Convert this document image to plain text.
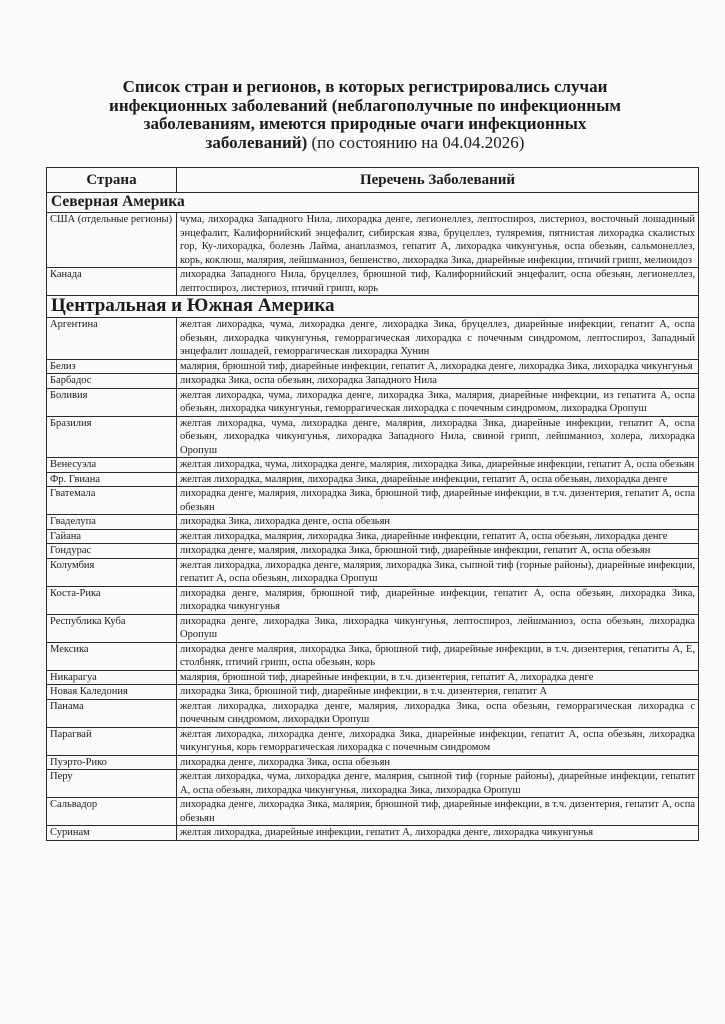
Список стран и регионов, в которых регистрировались случаи инфекционных заболеваний (неблагополучные по инфекционным заболеваниям, имеются природные очаги инфекционных заболеваний) (по состоянию на 04.04.2026)
Страна	Перечень Заболеваний
Северная Америка	
США (отдельные регионы)	чума, лихорадка Западного Нила, лихорадка денге, легионеллез, лептоспироз, листериоз, восточный лошадиный энцефалит, Калифорнийский энцефалит, сибирская язва, бруцеллез, туляремия, пятнистая лихорадка скалистых гор, Ку-лихорадка, болезнь Лайма, анаплазмоз, гепатит А, лихорадка чикунгунья, оспа обезьян, сальмонеллез, корь, коклюш, малярия, лейшманиоз, бешенство, лихорадка Зика, диарейные инфекции, птичий грипп, мелиоидоз
Канада	лихорадка Западного Нила, бруцеллез, брюшной тиф, Калифорнийский энцефалит, оспа обезьян, легионеллез, лептоспироз, листериоз, птичий грипп, корь
Центральная и Южная Америка	
Аргентина	желтая лихорадка, чума, лихорадка денге, лихорадка Зика, бруцеллез, диарейные инфекции, гепатит А, оспа обезьян, лихорадка чикунгунья, геморрагическая лихорадка с почечным синдромом, лептоспироз, Западный энцефалит лошадей, геморрагическая лихорадка Хунин
Белиз	малярия, брюшной тиф, диарейные инфекции, гепатит А, лихорадка денге, лихорадка Зика, лихорадка чикунгунья
Барбадос	лихорадка Зика, оспа обезьян, лихорадка Западного Нила
Боливия	желтая лихорадка, чума, лихорадка денге, лихорадка Зика, малярия, диарейные инфекции, из гепатита А, оспа обезьян, лихорадка чикунгунья, геморрагическая лихорадка с почечным синдромом, лихорадка Оропуш
Бразилия	желтая лихорадка, чума, лихорадка денге, малярия, лихорадка Зика, диарейные инфекции, гепатит А, оспа обезьян, лихорадка чикунгунья, лихорадка Западного Нила, свиной грипп, лейшманиоз, холера, лихорадка Оропуш
Венесуэла	желтая лихорадка, чума, лихорадка денге, малярия, лихорадка Зика, диарейные инфекции, гепатит А, оспа обезьян
Фр. Гвиана	желтая лихорадка, малярия, лихорадка Зика, диарейные инфекции, гепатит А, оспа обезьян, лихорадка денге
Гватемала	лихорадка денге, малярия, лихорадка Зика, брюшной тиф, диарейные инфекции, в т.ч. дизентерия, гепатит А, оспа обезьян
Гваделупа	лихорадка Зика, лихорадка денге, оспа обезьян
Гайана	желтая лихорадка, малярия, лихорадка Зика, диарейные инфекции, гепатит А, оспа обезьян, лихорадка денге
Гондурас	лихорадка денге, малярия, лихорадка Зика, брюшной тиф, диарейные инфекции, гепатит А, оспа обезьян
Колумбия	желтая лихорадка, лихорадка денге, малярия, лихорадка Зика, сыпной тиф (горные районы), диарейные инфекции, гепатит А, оспа обезьян, лихорадка Оропуш
Коста-Рика	лихорадка денге, малярия, брюшной тиф, диарейные инфекции, гепатит А, оспа обезьян, лихорадка Зика, лихорадка чикунгунья
Республика Куба	лихорадка денге, лихорадка Зика, лихорадка чикунгунья, лептоспироз, лейшманиоз, оспа обезьян, лихорадка Оропуш
Мексика	лихорадка денге малярия, лихорадка Зика, брюшной тиф, диарейные инфекции, в т.ч. дизентерия, гепатиты А, Е, столбняк, птичий грипп, оспа обезьян, корь
Никарагуа	малярия, брюшной тиф, диарейные инфекции, в т.ч. дизентерия, гепатит А, лихорадка денге
Новая Каледония	лихорадка Зика, брюшной тиф, диарейные инфекции, в т.ч. дизентерия, гепатит А
Панама	желтая лихорадка, лихорадка денге, малярия, лихорадка Зика, оспа обезьян, геморрагическая лихорадка с почечным синдромом, лихорадки Оропуш
Парагвай	желтая лихорадка, лихорадка денге, лихорадка Зика, диарейные инфекции, гепатит А, оспа обезьян, лихорадка чикунгунья, корь геморрагическая лихорадка с почечным синдромом
Пуэрто-Рико	лихорадка денге, лихорадка Зика, оспа обезьян
Перу	желтая лихорадка, чума, лихорадка денге, малярия, сыпной тиф (горные районы), диарейные инфекции, гепатит А, оспа обезьян, лихорадка чикунгунья, лихорадка Зика, лихорадка Оропуш
Сальвадор	лихорадка денге, лихорадка Зика, малярия, брюшной тиф, диарейные инфекции, в т.ч. дизентерия, гепатит А, оспа обезьян
Суринам	желтая лихорадка, диарейные инфекции, гепатит А, лихорадка денге, лихорадка чикунгунья
